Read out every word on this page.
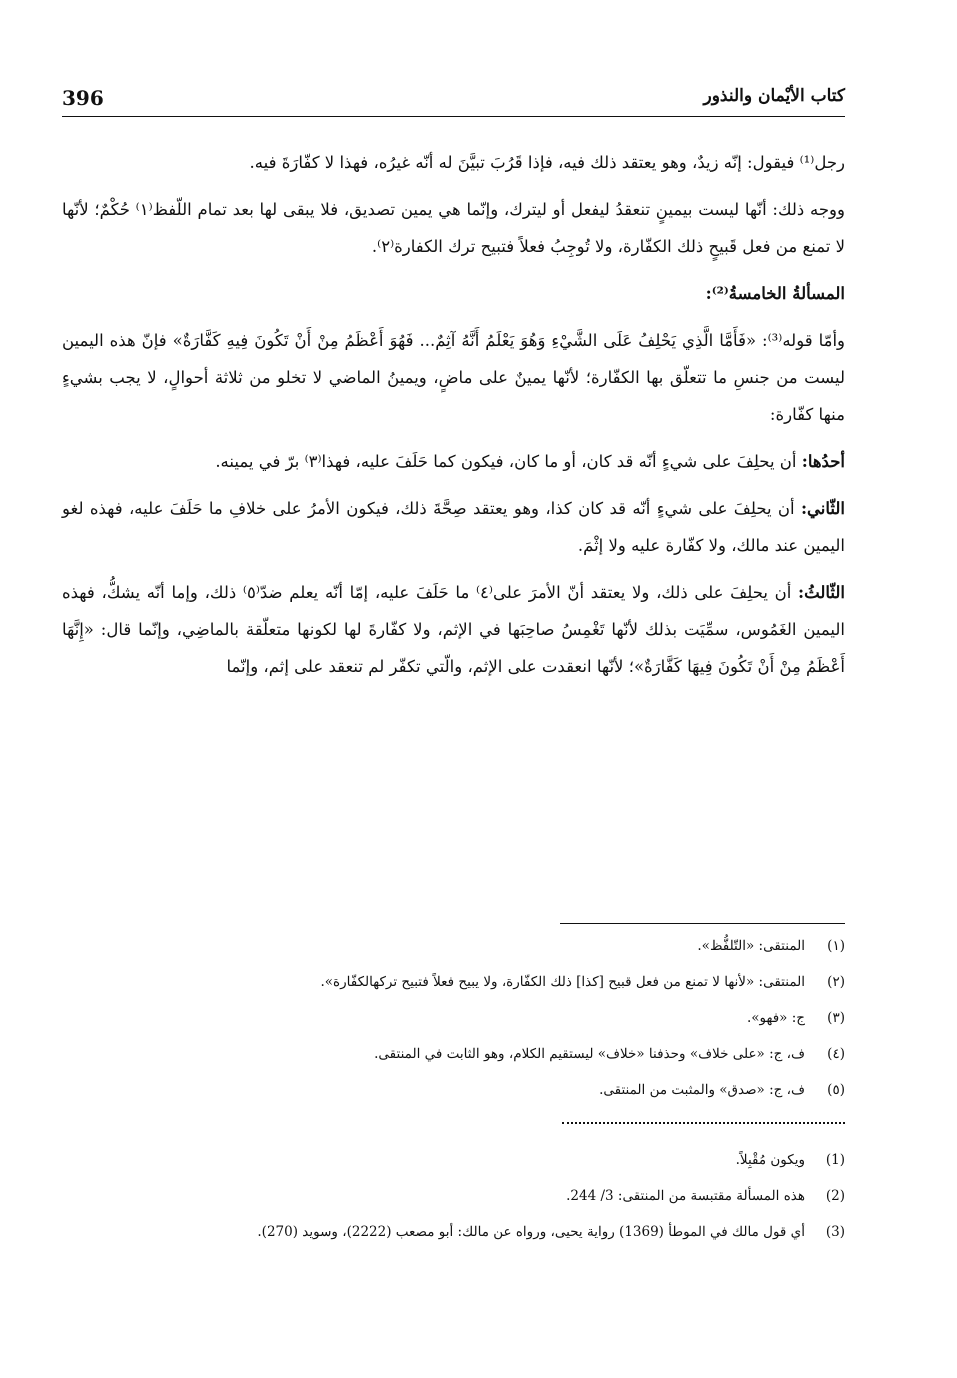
396	كتاب الأيْمان والنذور

رجل⁽¹⁾ فيقول: إنّه زيدٌ، وهو يعتقد ذلك فيه، فإذا قَرُبَ تبيَّنَ له أنّه غيرُه، فهذا لا كفّارَةَ فيه.

ووجه ذلك: أنّها ليست بيمينٍ تنعقدُ ليفعل أو ليترك، وإنّما هي يمين تصديق، فلا يبقى لها بعد تمام اللّفظ⁽١⁾ حُكْمٌ؛ لأنّها لا تمنع من فعل قَبيحٍ ذلك الكفّارة، ولا تُوجِبُ فعلاً فتبيح ترك الكفارة⁽٢⁾.

المسألةُ الخامسةُ⁽²⁾:

وأمّا قوله⁽³⁾: «فَأَمَّا الَّذِي يَحْلِفُ عَلَى الشَّيْءِ وَهُوَ يَعْلَمُ أَنَّهُ آثِمٌ... فَهُوَ أَعْظَمُ مِنْ أَنْ تَكُونَ فِيهِ كَفَّارَةٌ» فإنّ هذه اليمين ليست من جنسِ ما تتعلّق بها الكفّارة؛ لأنّها يمينٌ على ماضٍ، ويمينُ الماضي لا تخلو من ثلاثة أحوالٍ، لا يجب بشيءٍ منها كفّارة:

أحدُها: أن يحلِفَ على شيءٍ أنّه قد كان، أو ما كان، فيكون كما حَلَفَ عليه، فهذا⁽٣⁾ برّ في يمينه.

الثّاني: أن يحلِفَ على شيءٍ أنّه قد كان كذا، وهو يعتقد صِحَّةَ ذلك، فيكون الأمرُ على خلافِ ما حَلَفَ عليه، فهذه لغو اليمين عند مالك، ولا كفّارة عليه ولا إثْمَ.

الثّالثُ: أن يحلِفَ على ذلك، ولا يعتقد أنّ الأمرَ على⁽٤⁾ ما حَلَفَ عليه، إمّا أنّه يعلم ضدّ⁽٥⁾ ذلك، وإما أنّه يشكُّ، فهذه اليمين الغَمُوس، سمِّيَت بذلك لأنّها تَغْمِسُ صاحِبَها في الإثم، ولا كفّارةَ لها لكونها متعلّقة بالماضِي، وإنّما قال: «إِنَّهَا أَعْظَمُ مِنْ أَنْ تَكُونَ فِيهَا كَفَّارَةٌ»؛ لأنّها انعقدت على الإثم، والّتي تكفّر لم تنعقد على إثم، وإنّما

(١)
المنتقى: «التّلفُّظ».
(٢)
المنتقى: «لأنها لا تمنع من فعل قبيح [كذا] ذلك الكفّارة، ولا يبيح فعلاً فتبيح تركهالكفّارة».
(٣)
ج: «فهو».
(٤)
ف، ج: «على خلاف» وحذفنا «خلاف» ليستقيم الكلام، وهو الثابت في المنتقى.
(٥)
ف، ج: «صدق» والمثبت من المنتقى.
(1)
ويكون مُقْبِلاً.
(2)
هذه المسألة مقتبسة من المنتقى: 3/ 244.
(3)
أي قول مالك في الموطأ (1369) رواية يحيى، ورواه عن مالك: أبو مصعب (2222)، وسويد (270).
